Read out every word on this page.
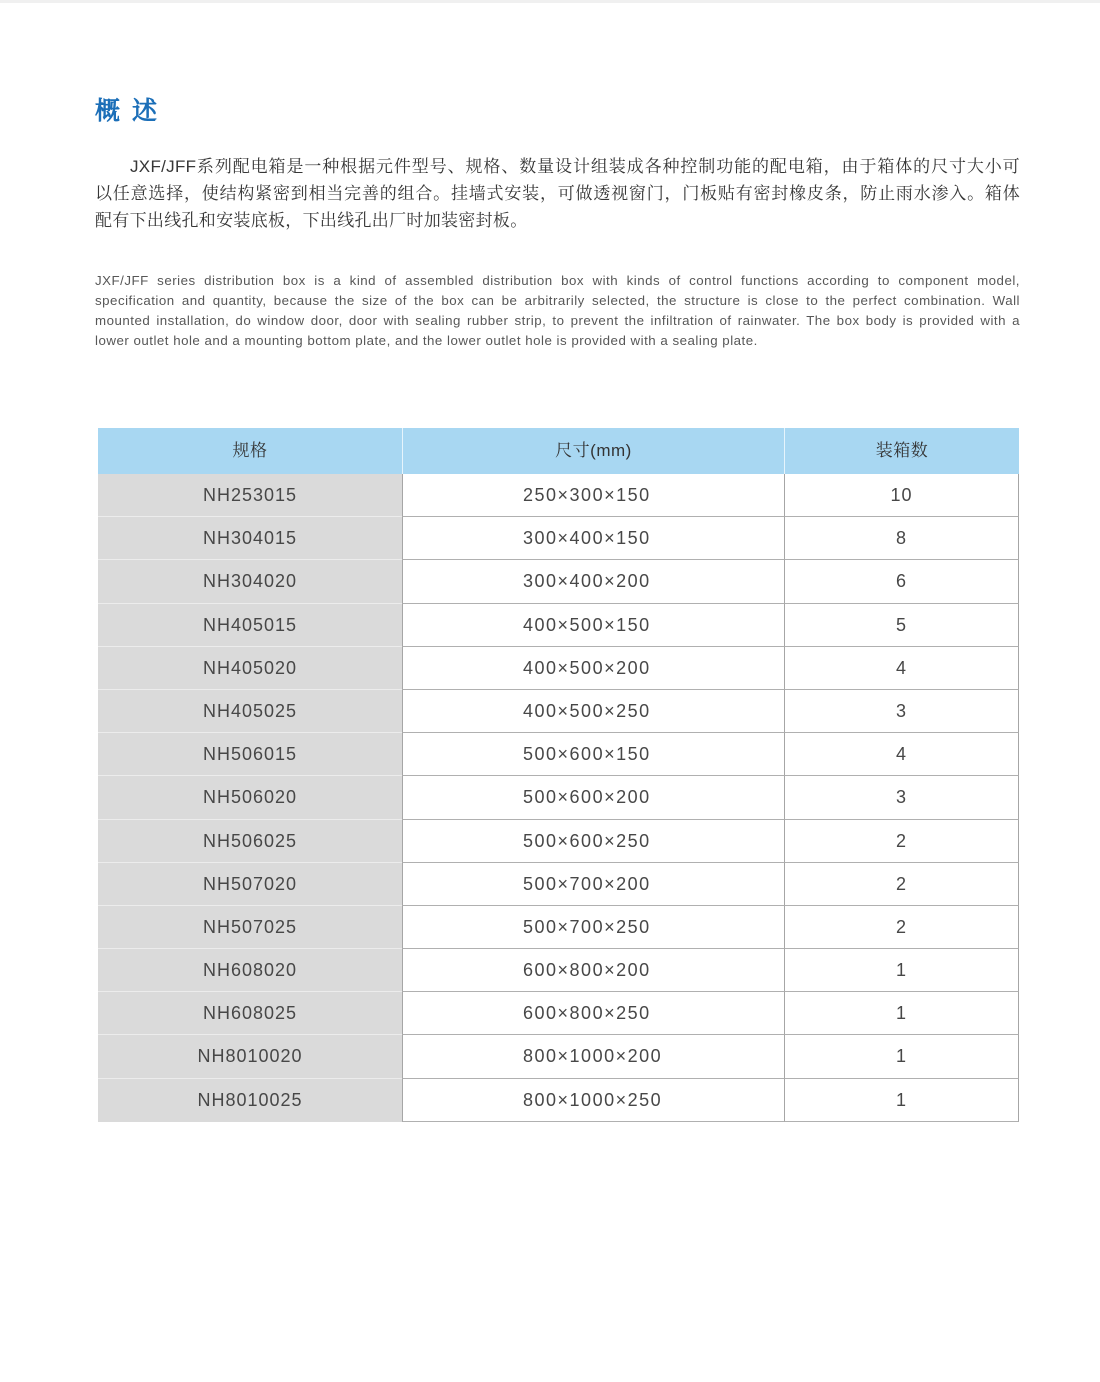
概述
JXF/JFF系列配电箱是一种根据元件型号、规格、数量设计组装成各种控制功能的配电箱，由于箱体的尺寸大小可
以任意选择，使结构紧密到相当完善的组合。挂墙式安装，可做透视窗门，门板贴有密封橡皮条，防止雨水渗入。箱体
配有下出线孔和安装底板，下出线孔出厂时加装密封板。
JXF/JFF series distribution box is a kind of assembled distribution box with kinds of control functions according to component model,
specification and quantity, because the size of the box can be arbitrarily selected, the structure is close to the perfect combination. Wall
mounted installation, do window door, door with sealing rubber strip, to prevent the infiltration of rainwater. The box body is provided with a
lower outlet hole and a mounting bottom plate, and the lower outlet hole is provided with a sealing plate.
规格	尺寸(mm)	装箱数
NH253015	250×300×150	10
NH304015	300×400×150	8
NH304020	300×400×200	6
NH405015	400×500×150	5
NH405020	400×500×200	4
NH405025	400×500×250	3
NH506015	500×600×150	4
NH506020	500×600×200	3
NH506025	500×600×250	2
NH507020	500×700×200	2
NH507025	500×700×250	2
NH608020	600×800×200	1
NH608025	600×800×250	1
NH8010020	800×1000×200	1
NH8010025	800×1000×250	1
